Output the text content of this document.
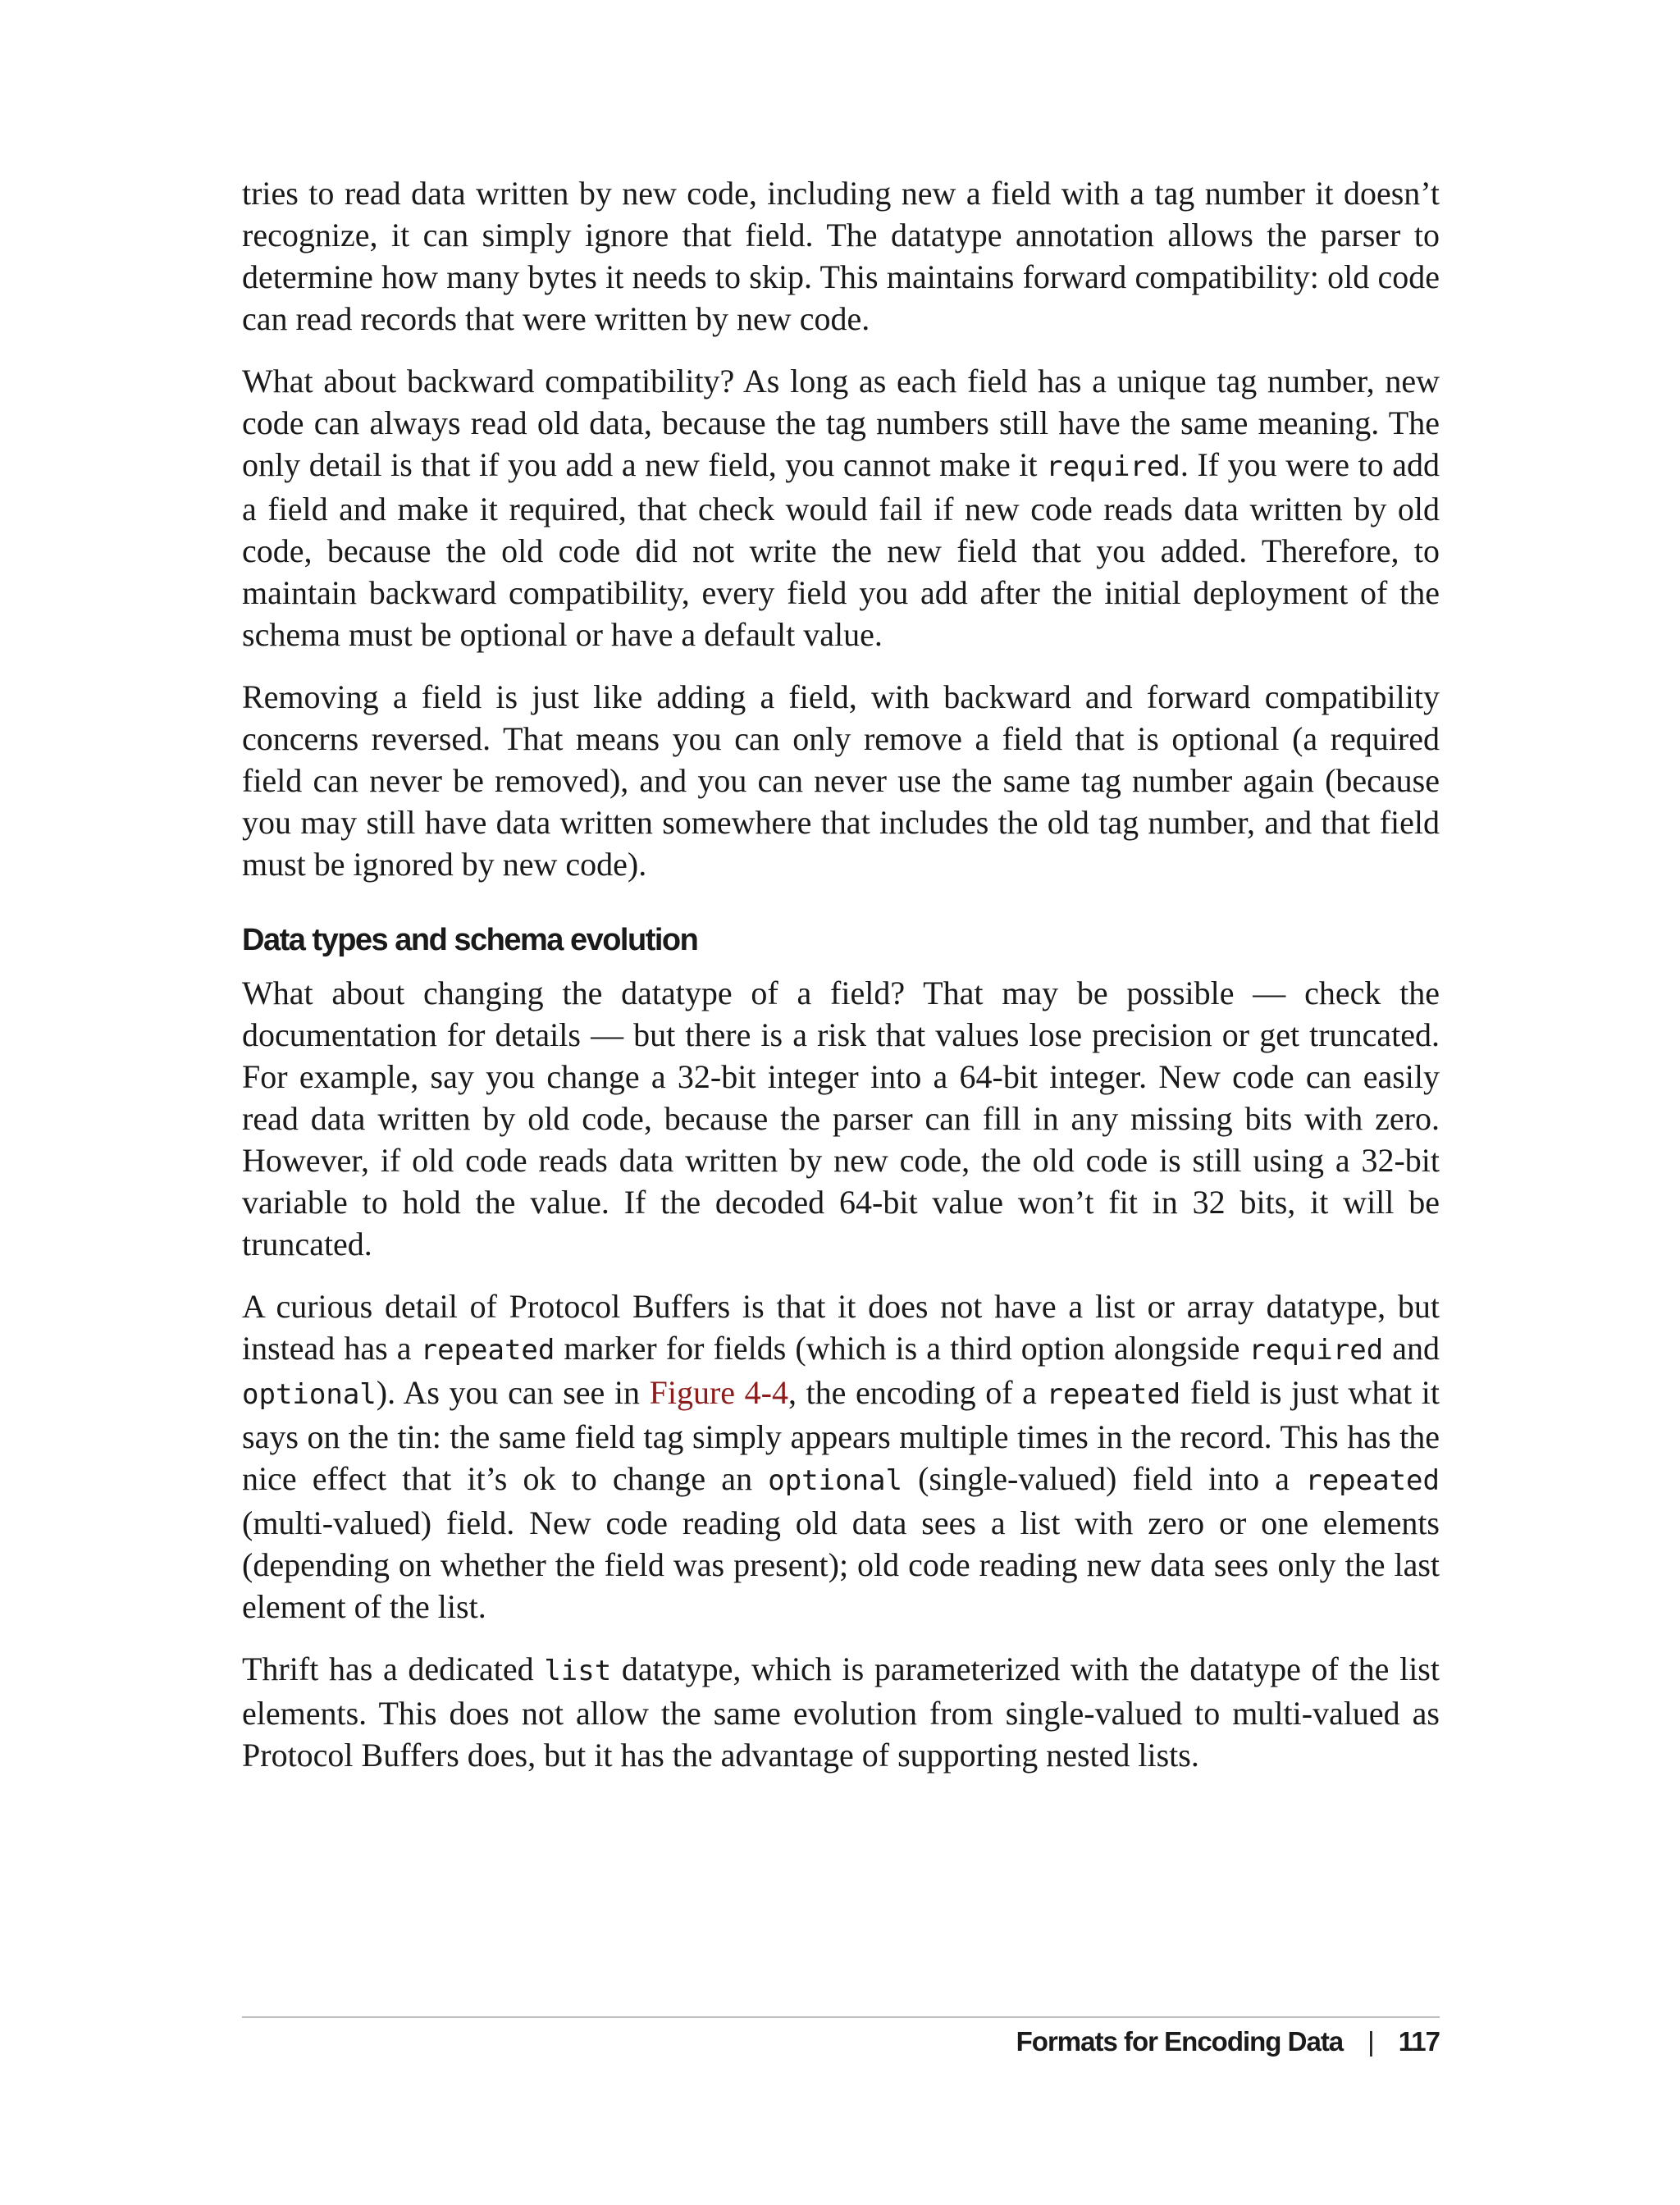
tries to read data written by new code, including new a field with a tag number it doesn’t recognize, it can simply ignore that field. The datatype annotation allows the parser to determine how many bytes it needs to skip. This maintains forward compatibility: old code can read records that were written by new code.

What about backward compatibility? As long as each field has a unique tag number, new code can always read old data, because the tag numbers still have the same meaning. The only detail is that if you add a new field, you cannot make it required. If you were to add a field and make it required, that check would fail if new code reads data written by old code, because the old code did not write the new field that you added. Therefore, to maintain backward compatibility, every field you add after the initial deployment of the schema must be optional or have a default value.

Removing a field is just like adding a field, with backward and forward compatibility concerns reversed. That means you can only remove a field that is optional (a required field can never be removed), and you can never use the same tag number again (because you may still have data written somewhere that includes the old tag number, and that field must be ignored by new code).

Data types and schema evolution

What about changing the datatype of a field? That may be possible — check the documentation for details — but there is a risk that values lose precision or get truncated. For example, say you change a 32-bit integer into a 64-bit integer. New code can easily read data written by old code, because the parser can fill in any missing bits with zero. However, if old code reads data written by new code, the old code is still using a 32-bit variable to hold the value. If the decoded 64-bit value won’t fit in 32 bits, it will be truncated.

A curious detail of Protocol Buffers is that it does not have a list or array datatype, but instead has a repeated marker for fields (which is a third option alongside required and optional). As you can see in Figure 4-4, the encoding of a repeated field is just what it says on the tin: the same field tag simply appears multiple times in the record. This has the nice effect that it’s ok to change an optional (single-valued) field into a repeated (multi-valued) field. New code reading old data sees a list with zero or one elements (depending on whether the field was present); old code reading new data sees only the last element of the list.

Thrift has a dedicated list datatype, which is parameterized with the datatype of the list elements. This does not allow the same evolution from single-valued to multi-valued as Protocol Buffers does, but it has the advantage of supporting nested lists.

Formats for Encoding Data | 117
